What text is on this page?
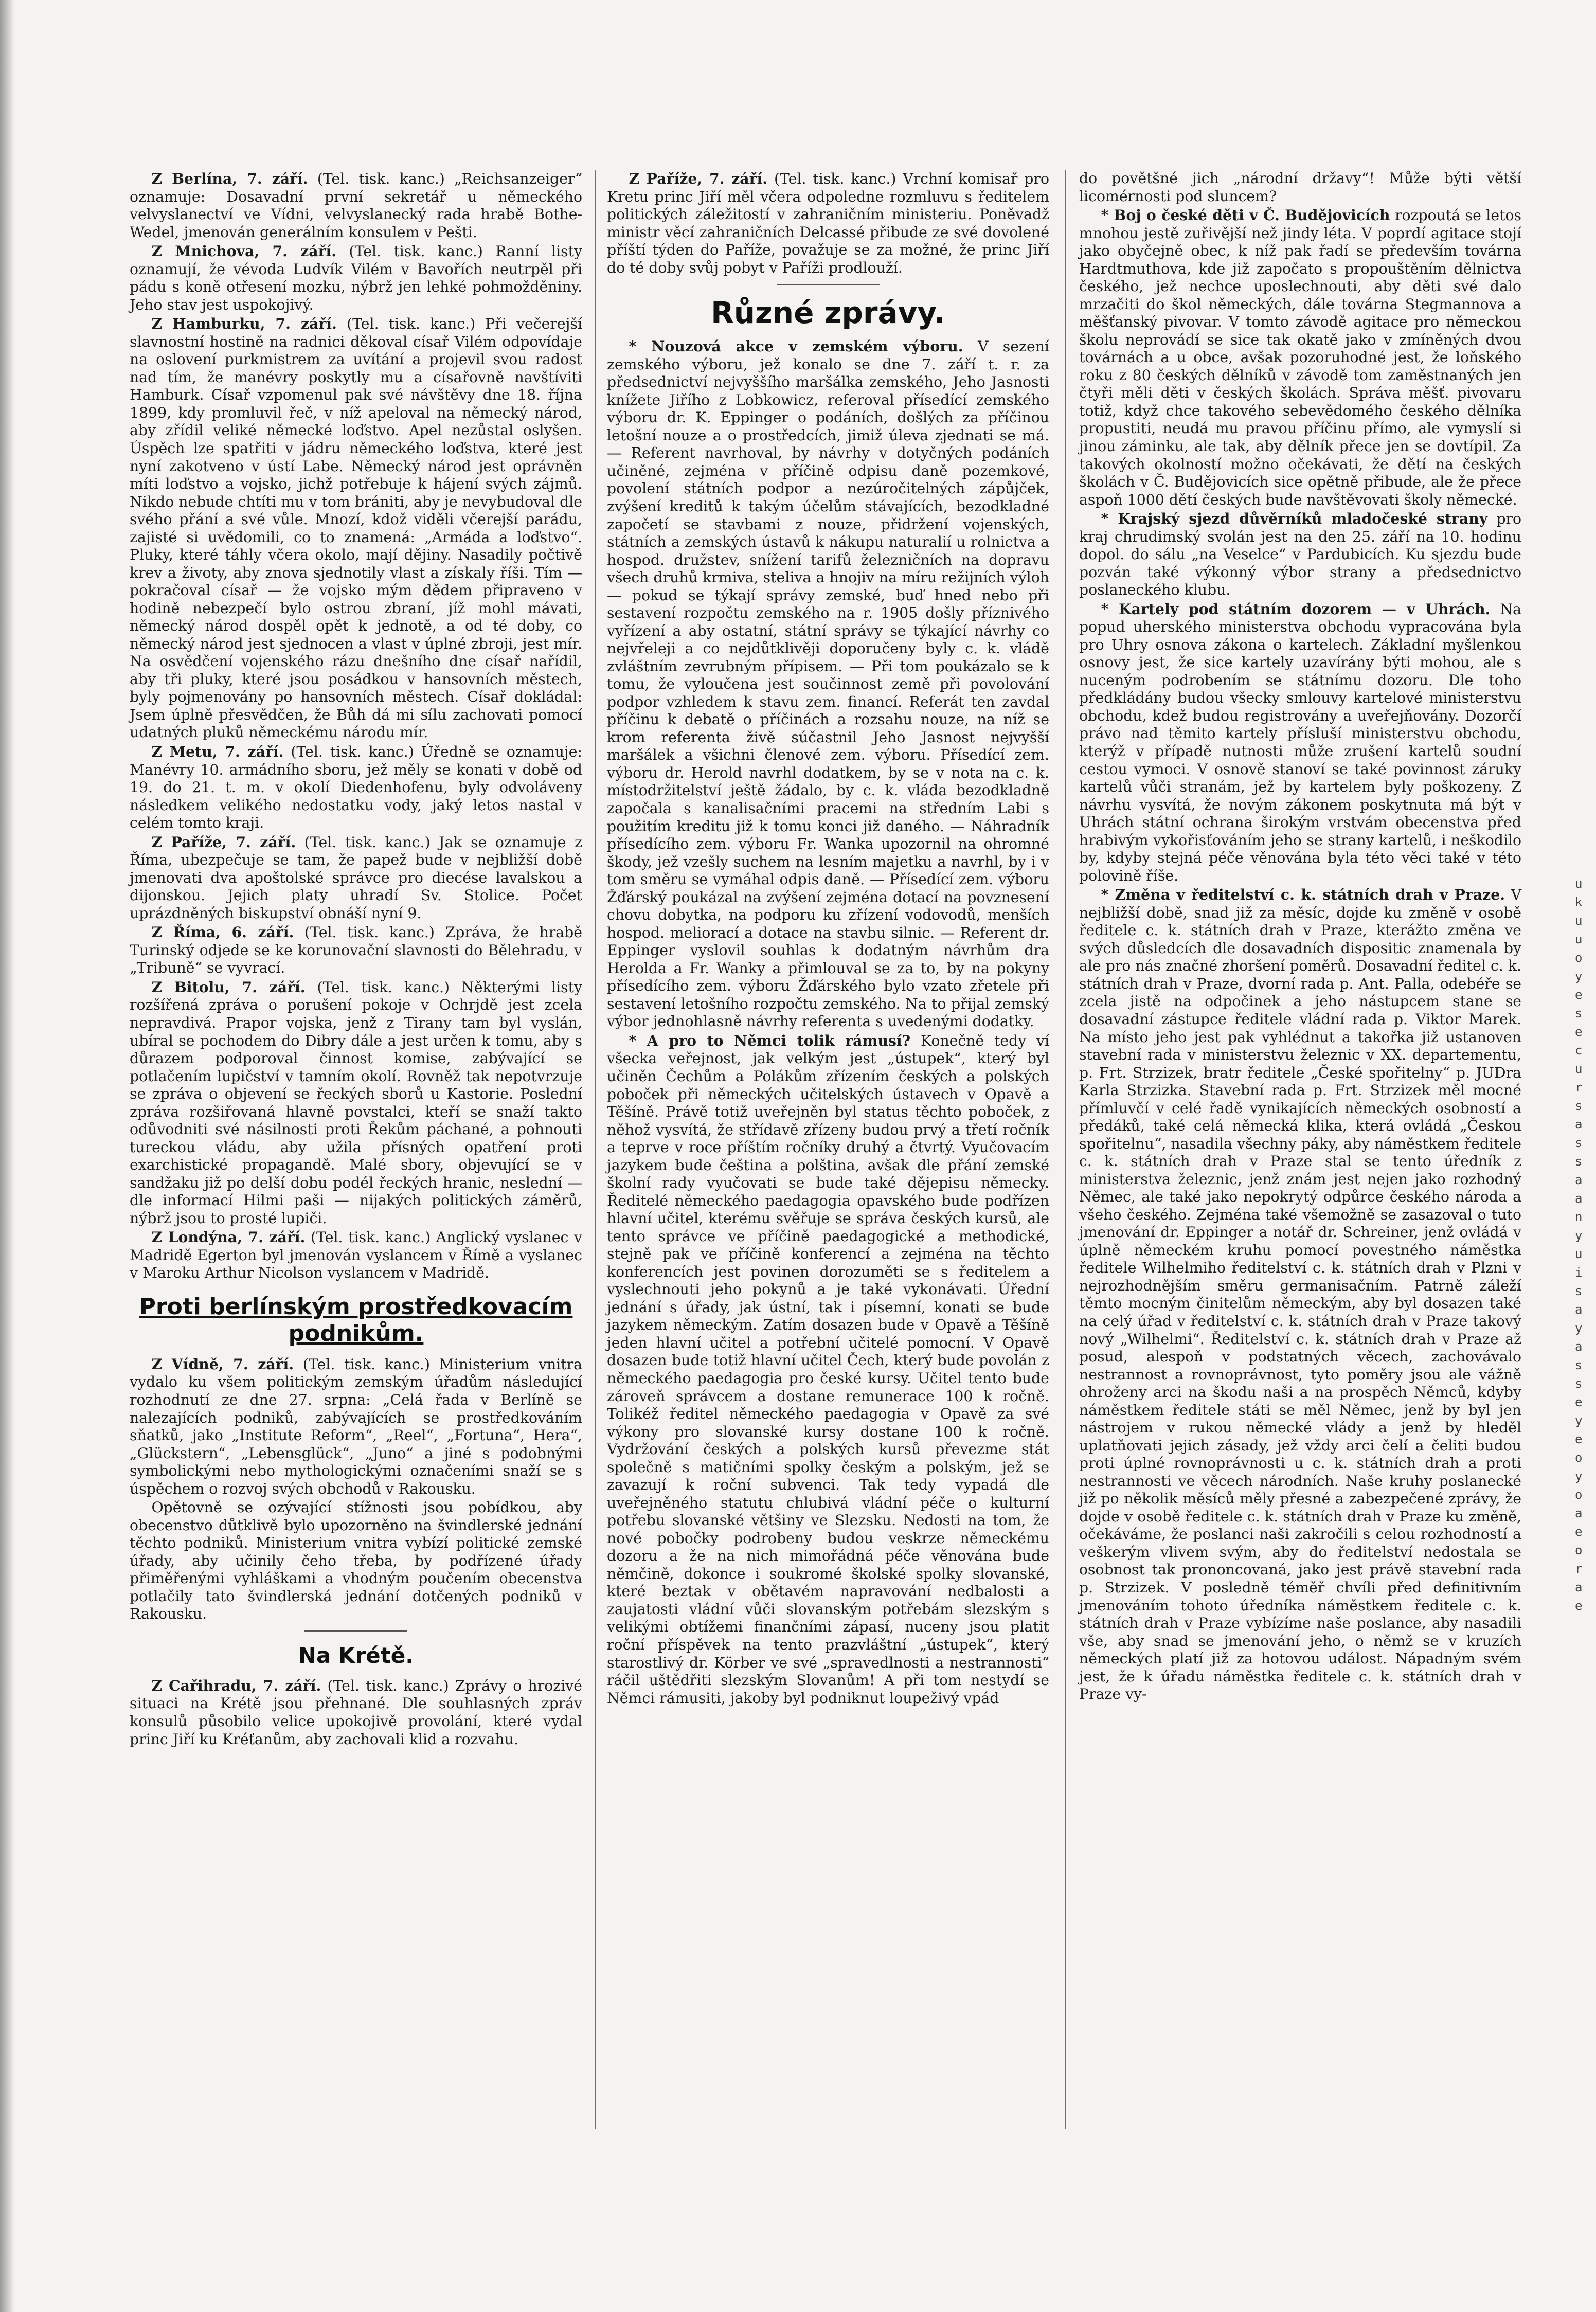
Z Berlína, 7. září. (Tel. tisk. kanc.) „Reichsanzeiger“ oznamuje: Dosavadní první sekretář u německého velvyslanectví ve Vídni, velvyslanecký rada hrabě Bothe-Wedel, jmenován generálním konsulem v Pešti.

Z Mnichova, 7. září. (Tel. tisk. kanc.) Ranní listy oznamují, že vévoda Ludvík Vilém v Bavořích neutrpěl při pádu s koně otřesení mozku, nýbrž jen lehké pohmožděniny. Jeho stav jest uspokojivý.

Z Hamburku, 7. září. (Tel. tisk. kanc.) Při večerejší slavnostní hostině na radnici děkoval císař Vilém odpovídaje na oslovení purkmistrem za uvítání a projevil svou radost nad tím, že manévry poskytly mu a císařovně navštíviti Hamburk. Císař vzpomenul pak své návštěvy dne 18. října 1899, kdy promluvil řeč, v níž apeloval na německý národ, aby zřídil veliké německé loďstvo. Apel nezůstal oslyšen. Úspěch lze spatřiti v jádru německého loďstva, které jest nyní zakotveno v ústí Labe. Německý národ jest oprávněn míti loďstvo a vojsko, jichž potřebuje k hájení svých zájmů. Nikdo nebude chtíti mu v tom brániti, aby je nevybudoval dle svého přání a své vůle. Mnozí, kdož viděli včerejší parádu, zajisté si uvědomili, co to znamená: „Armáda a loďstvo“. Pluky, které táhly včera okolo, mají dějiny. Nasadily počtivě krev a životy, aby znova sjednotily vlast a získaly říši. Tím — pokračoval císař — že vojsko mým dědem připraveno v hodině nebezpečí bylo ostrou zbraní, jíž mohl mávati, německý národ dospěl opět k jednotě, a od té doby, co německý národ jest sjednocen a vlast v úplné zbroji, jest mír. Na osvědčení vojenského rázu dnešního dne císař nařídil, aby tři pluky, které jsou posádkou v hansovních městech, byly pojmenovány po hansovních městech. Císař dokládal: Jsem úplně přesvědčen, že Bůh dá mi sílu zachovati pomocí udatných pluků německému národu mír.

Z Metu, 7. září. (Tel. tisk. kanc.) Úředně se oznamuje: Manévry 10. armádního sboru, jež měly se konati v době od 19. do 21. t. m. v okolí Diedenhofenu, byly odvoláveny následkem velikého nedostatku vody, jaký letos nastal v celém tomto kraji.

Z Paříže, 7. září. (Tel. tisk. kanc.) Jak se oznamuje z Říma, ubezpečuje se tam, že papež bude v nejbližší době jmenovati dva apoštolské správce pro diecése lavalskou a dijonskou. Jejich platy uhradí Sv. Stolice. Počet uprázdněných biskupství obnáší nyní 9.

Z Říma, 6. září. (Tel. tisk. kanc.) Zpráva, že hrabě Turinský odjede se ke korunovační slavnosti do Bělehradu, v „Tribuně“ se vyvrací.

Z Bitolu, 7. září. (Tel. tisk. kanc.) Některými listy rozšířená zpráva o porušení pokoje v Ochrjdě jest zcela nepravdivá. Prapor vojska, jenž z Tirany tam byl vyslán, ubíral se pochodem do Dibry dále a jest určen k tomu, aby s důrazem podporoval činnost komise, zabývající se potlačením lupičství v tamním okolí. Rovněž tak nepotvrzuje se zpráva o objevení se řeckých sborů u Kastorie. Poslední zpráva rozšiřovaná hlavně povstalci, kteří se snaží takto odůvodniti své násilnosti proti Řekům páchané, a pohnouti tureckou vládu, aby užila přísných opatření proti exarchistické propagandě. Malé sbory, objevující se v sandžaku již po delší dobu podél řeckých hranic, neslední — dle informací Hilmi paši — nijakých politických záměrů, nýbrž jsou to prosté lupiči.

Z Londýna, 7. září. (Tel. tisk. kanc.) Anglický vyslanec v Madridě Egerton byl jmenován vyslancem v Římě a vyslanec v Maroku Arthur Nicolson vyslancem v Madridě.

Proti berlínským prostředkovacím podnikům.

Z Vídně, 7. září. (Tel. tisk. kanc.) Ministerium vnitra vydalo ku všem politickým zemským úřadům následující rozhodnutí ze dne 27. srpna: „Celá řada v Berlíně se nalezajících podniků, zabývajících se prostředkováním sňatků, jako „Institute Reform“, „Reel“, „Fortuna“, Hera“, „Glückstern“, „Lebensglück“, „Juno“ a jiné s podobnými symbolickými nebo mythologickými označeními snaží se s úspěchem o rozvoj svých obchodů v Rakousku.

Opětovně se ozývající stížnosti jsou pobídkou, aby obecenstvo důtklivě bylo upozorněno na švindlerské jednání těchto podniků. Ministerium vnitra vybízí politické zemské úřady, aby učinily čeho třeba, by podřízené úřady přiměřenými vyhláškami a vhodným poučením obecenstva potlačily tato švindlerská jednání dotčených podniků v Rakousku.

Na Krétě.

Z Cařihradu, 7. září. (Tel. tisk. kanc.) Zprávy o hrozivé situaci na Krétě jsou přehnané. Dle souhlasných zpráv konsulů působilo velice upokojivě provolání, které vydal princ Jiří ku Kréťanům, aby zachovali klid a rozvahu.

Z Paříže, 7. září. (Tel. tisk. kanc.) Vrchní komisař pro Kretu princ Jiří měl včera odpoledne rozmluvu s ředitelem politických záležitostí v zahraničním ministeriu. Poněvadž ministr věcí zahraničních Delcassé přibude ze své dovolené příští týden do Paříže, považuje se za možné, že princ Jiří do té doby svůj pobyt v Paříži prodlouží.

Různé zprávy.

* Nouzová akce v zemském výboru. V sezení zemského výboru, jež konalo se dne 7. září t. r. za předsednictví nejvyššího maršálka zemského, Jeho Jasnosti knížete Jiřího z Lobkowicz, referoval přísedící zemského výboru dr. K. Eppinger o podáních, došlých za příčinou letošní nouze a o prostředcích, jimiž úleva zjednati se má. — Referent navrhoval, by návrhy v dotyčných podáních učiněné, zejména v příčině odpisu daně pozemkové, povolení státních podpor a nezúročitelných zápůjček, zvýšení kreditů k takým účelům stávajících, bezodkladné započetí se stavbami z nouze, přidržení vojenských, státních a zemských ústavů k nákupu naturalií u rolnictva a hospod. družstev, snížení tarifů železničních na dopravu všech druhů krmiva, steliva a hnojiv na míru režijních výloh — pokud se týkají správy zemské, buď hned nebo při sestavení rozpočtu zemského na r. 1905 došly příznivého vyřízení a aby ostatní, státní správy se týkající návrhy co nejvřeleji a co nejdůtklivěji doporučeny byly c. k. vládě zvláštním zevrubným přípisem. — Při tom poukázalo se k tomu, že vyloučena jest součinnost země při povolování podpor vzhledem k stavu zem. financí. Referát ten zavdal příčinu k debatě o příčinách a rozsahu nouze, na níž se krom referenta živě súčastnil Jeho Jasnost nejvyšší maršálek a všichni členové zem. výboru. Přísedící zem. výboru dr. Herold navrhl dodatkem, by se v nota na c. k. místodržitelství ještě žádalo, by c. k. vláda bezodkladně započala s kanalisačními pracemi na středním Labi s použitím kreditu již k tomu konci již daného. — Náhradník přísedícího zem. výboru Fr. Wanka upozornil na ohromné škody, jež vzešly suchem na lesním majetku a navrhl, by i v tom směru se vymáhal odpis daně. — Přísedící zem. výboru Žďárský poukázal na zvýšení zejména dotací na povznesení chovu dobytka, na podporu ku zřízení vodovodů, menších hospod. meliorací a dotace na stavbu silnic. — Referent dr. Eppinger vyslovil souhlas k dodatným návrhům dra Herolda a Fr. Wanky a přimlouval se za to, by na pokyny přísedícího zem. výboru Žďárského bylo vzato zřetele při sestavení letošního rozpočtu zemského. Na to přijal zemský výbor jednohlasně návrhy referenta s uvedenými dodatky.

* A pro to Němci tolik rámusí? Konečně tedy ví všecka veřejnost, jak velkým jest „ústupek“, který byl učiněn Čechům a Polákům zřízením českých a polských poboček při německých učitelských ústavech v Opavě a Těšíně. Právě totiž uveřejněn byl status těchto poboček, z něhož vysvítá, že střídavě zřízeny budou prvý a třetí ročník a teprve v roce příštím ročníky druhý a čtvrtý. Vyučovacím jazykem bude čeština a polština, avšak dle přání zemské školní rady vyučovati se bude také dějepisu německy. Ředitelé německého paedagogia opavského bude podřízen hlavní učitel, kterému svěřuje se správa českých kursů, ale tento správce ve příčině paedagogické a methodické, stejně pak ve příčině konferencí a zejména na těchto konferencích jest povinen dorozuměti se s ředitelem a vyslechnouti jeho pokynů a je také vykonávati. Úřední jednání s úřady, jak ústní, tak i písemní, konati se bude jazykem německým. Zatím dosazen bude v Opavě a Těšíně jeden hlavní učitel a potřební učitelé pomocní. V Opavě dosazen bude totiž hlavní učitel Čech, který bude povolán z německého paedagogia pro české kursy. Učitel tento bude zároveň správcem a dostane remunerace 100 k ročně. Tolikéž ředitel německého paedagogia v Opavě za své výkony pro slovanské kursy dostane 100 k ročně. Vydržování českých a polských kursů převezme stát společně s matičními spolky českým a polským, jež se zavazují k roční subvenci. Tak tedy vypadá dle uveřejněného statutu chlubivá vládní péče o kulturní potřebu slovanské většiny ve Slezsku. Nedosti na tom, že nové pobočky podrobeny budou veskrze německému dozoru a že na nich mimořádná péče věnována bude němčině, dokonce i soukromé školské spolky slovanské, které beztak v obětavém napravování nedbalosti a zaujatosti vládní vůči slovanským potřebám slezským s velikými obtížemi finančními zápasí, nuceny jsou platit roční příspěvek na tento prazvláštní „ústupek“, který starostlivý dr. Körber ve své „spravedlnosti a nestrannosti“ ráčil uštědřiti slezským Slovanům! A při tom nestydí se Němci rámusiti, jakoby byl podniknut loupeživý vpád

do povětšné jich „národní državy“! Může býti větší licomérnosti pod sluncem?

* Boj o české děti v Č. Budějovicích rozpoutá se letos mnohou jestě zuřivější než jindy léta. V poprdí agitace stojí jako obyčejně obec, k níž pak řadí se především továrna Hardtmuthova, kde již započato s propouštěním dělnictva českého, jež nechce uposlechnouti, aby děti své dalo mrzačiti do škol německých, dále továrna Stegmannova a měšťanský pivovar. V tomto závodě agitace pro německou školu neprovádí se sice tak okatě jako v zmíněných dvou továrnách a u obce, avšak pozoruhodné jest, že loňského roku z 80 českých dělníků v závodě tom zaměstnaných jen čtyři měli děti v českých školách. Správa měšť. pivovaru totiž, když chce takového sebevědomého českého dělníka propustiti, neudá mu pravou příčinu přímo, ale vymyslí si jinou záminku, ale tak, aby dělník přece jen se dovtípil. Za takových okolností možno očekávati, že dětí na českých školách v Č. Budějovicích sice opětně přibude, ale že přece aspoň 1000 dětí českých bude navštěvovati školy německé.

* Krajský sjezd důvěrníků mladočeské strany pro kraj chrudimský svolán jest na den 25. září na 10. hodinu dopol. do sálu „na Veselce“ v Pardubicích. Ku sjezdu bude pozván také výkonný výbor strany a předsednictvo poslaneckého klubu.

* Kartely pod státním dozorem — v Uhrách. Na popud uherského ministerstva obchodu vypracována byla pro Uhry osnova zákona o kartelech. Základní myšlenkou osnovy jest, že sice kartely uzavírány býti mohou, ale s nuceným podrobením se státnímu dozoru. Dle toho předkládány budou všecky smlouvy kartelové ministerstvu obchodu, kdež budou registrovány a uveřejňovány. Dozorčí právo nad těmito kartely přísluší ministerstvu obchodu, kterýž v případě nutnosti může zrušení kartelů soudní cestou vymoci. V osnově stanoví se také povinnost záruky kartelů vůči stranám, jež by kartelem byly poškozeny. Z návrhu vysvítá, že novým zákonem poskytnuta má být v Uhrách státní ochrana širokým vrstvám obecenstva před hrabivým vykořisťováním jeho se strany kartelů, i neškodilo by, kdyby stejná péče věnována byla této věci také v této polovině říše.

* Změna v ředitelství c. k. státních drah v Praze. V nejbližší době, snad již za měsíc, dojde ku změně v osobě ředitele c. k. státních drah v Praze, kterážto změna ve svých důsledcích dle dosavadních dispositic znamenala by ale pro nás značné zhoršení poměrů. Dosavadní ředitel c. k. státních drah v Praze, dvorní rada p. Ant. Palla, odebéře se zcela jistě na odpočinek a jeho nástupcem stane se dosavadní zástupce ředitele vládní rada p. Viktor Marek. Na místo jeho jest pak vyhlédnut a takořka již ustanoven stavební rada v ministerstvu železnic v XX. departementu, p. Frt. Strzizek, bratr ředitele „České spořitelny“ p. JUDra Karla Strzizka. Stavební rada p. Frt. Strzizek měl mocné přímluvčí v celé řadě vynikajících německých osobností a předáků, také celá německá klika, která ovládá „Českou spořitelnu“, nasadila všechny páky, aby náměstkem ředitele c. k. státních drah v Praze stal se tento úředník z ministerstva železnic, jenž znám jest nejen jako rozhodný Němec, ale také jako nepokrytý odpůrce českého národa a všeho českého. Zejména také všemožně se zasazoval o tuto jmenování dr. Eppinger a notář dr. Schreiner, jenž ovládá v úplně německém kruhu pomocí povestného náměstka ředitele Wilhelmiho ředitelství c. k. státních drah v Plzni v nejrozhodnějším směru germanisačním. Patrně záleží těmto mocným činitelům německým, aby byl dosazen také na celý úřad v ředitelství c. k. státních drah v Praze takový nový „Wilhelmi“. Ředitelství c. k. státních drah v Praze až posud, alespoň v podstatných věcech, zachovávalo nestrannost a rovnoprávnost, tyto poměry jsou ale vážně ohroženy arci na škodu naši a na prospěch Němců, kdyby náměstkem ředitele státi se měl Němec, jenž by byl jen nástrojem v rukou německé vlády a jenž by hleděl uplatňovati jejich zásady, jež vždy arci čelí a čeliti budou proti úplné rovnoprávnosti u c. k. státních drah a proti nestrannosti ve věcech národních. Naše kruhy poslanecké již po několik měsíců měly přesné a zabezpečené zprávy, že dojde v osobě ředitele c. k. státních drah v Praze ku změně, očekáváme, že poslanci naši zakročili s celou rozhodností a veškerým vlivem svým, aby do ředitelství nedostala se osobnost tak prononcovaná, jako jest právě stavební rada p. Strzizek. V posledně téměř chvíli před definitivním jmenováním tohoto úředníka náměstkem ředitele c. k. státních drah v Praze vybízíme naše poslance, aby nasadili vše, aby snad se jmenování jeho, o němž se v kruzích německých platí již za hotovou událost. Nápadným svém jest, že k úřadu náměstka ředitele c. k. státních drah v Praze vy-

u
k
u
u
o
y
e
s
e
c
u
r
s
a
s
s
a
a
n
y
u
i
s
a
y
a
s
s
e
y
e
o
y
o
a
e
o
r
a
e
